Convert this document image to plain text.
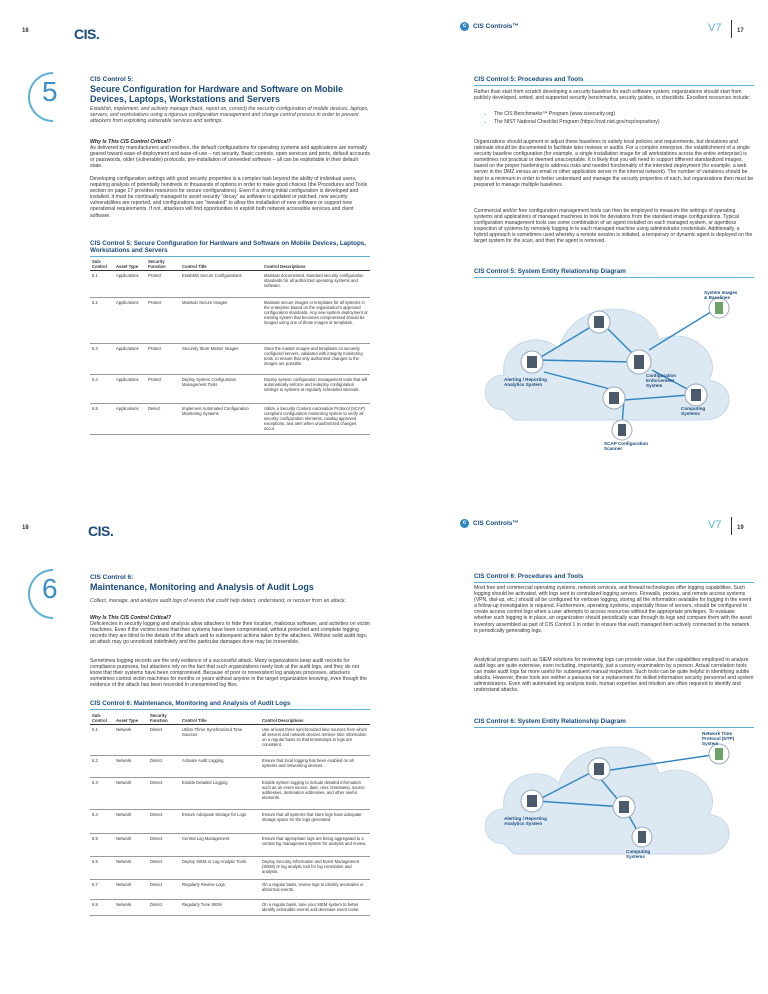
16	CIS.
5	CIS Control 5:
Secure Configuration for Hardware and Software on Mobile Devices, Laptops, Workstations and Servers
Establish, implement, and actively manage (track, report on, correct) the security configuration of mobile devices, laptops, servers, and workstations using a rigorous configuration management and change control process in order to prevent attackers from exploiting vulnerable services and settings.
Why Is This CIS Control Critical?
As delivered by manufacturers and resellers, the default configurations for operating systems and applications are normally geared toward ease-of-deployment and ease-of-use – not security. Basic controls, open services and ports, default accounts or passwords, older (vulnerable) protocols, pre-installation of unneeded software – all can be exploitable in their default state.
Developing configuration settings with good security properties is a complex task beyond the ability of individual users, requiring analysis of potentially hundreds or thousands of options in order to make good choices (the Procedures and Tools section on page 17 provides resources for secure configurations). Even if a strong initial configuration is developed and installed, it must be continually managed to avoid security “decay” as software is updated or patched, new security vulnerabilities are reported, and configurations are “tweaked” to allow the installation of new software or support new operational requirements. If not, attackers will find opportunities to exploit both network accessible services and client software.
CIS Control 5: Secure Configuration for Hardware and Software on Mobile Devices, Laptops, Workstations and Servers
Sub-Control	Asset Type	Security Function	Control Title	Control Descriptions
5.1	Applications	Protect	Establish Secure Configurations	Maintain documented, standard security configuration standards for all authorized operating systems and software.
5.2	Applications	Protect	Maintain Secure Images	Maintain secure images or templates for all systems in the enterprise based on the organization’s approved configuration standards. Any new system deployment or existing system that becomes compromised should be imaged using one of those images or templates.
5.3	Applications	Protect	Securely Store Master Images	Store the master images and templates on securely configured servers, validated with integrity monitoring tools, to ensure that only authorized changes to the images are possible.
5.4	Applications	Protect	Deploy System Configuration Management Tools	Deploy system configuration management tools that will automatically enforce and redeploy configuration settings to systems at regularly scheduled intervals.
5.5	Applications	Detect	Implement Automated Configuration Monitoring Systems	Utilize a Security Content Automation Protocol (SCAP) compliant configuration monitoring system to verify all security configuration elements, catalog approved exceptions, and alert when unauthorized changes occur.
c	CIS Controls™	V7	17
CIS Control 5: Procedures and Tools
Rather than start from scratch developing a security baseline for each software system, organizations should start from publicly developed, vetted, and supported security benchmarks, security guides, or checklists. Excellent resources include:
• The CIS Benchmarks™ Program (www.cisecurity.org)
• The NIST National Checklist Program (https://nvd.nist.gov/ncp/repository)
Organizations should augment or adjust these baselines to satisfy local policies and requirements, but deviations and rationale should be documented to facilitate later reviews or audits. For a complex enterprise, the establishment of a single security baseline configuration (for example, a single installation image for all workstations across the entire enterprise) is sometimes not practical or deemed unacceptable. It is likely that you will need to support different standardized images, based on the proper hardening to address risks and needed functionality of the intended deployment (for example, a web server in the DMZ versus an email or other application server in the internal network). The number of variations should be kept to a minimum in order to better understand and manage the security properties of each, but organizations then must be prepared to manage multiple baselines.
Commercial and/or free configuration management tools can then be employed to measure the settings of operating systems and applications of managed machines to look for deviations from the standard image configurations. Typical configuration management tools use some combination of an agent installed on each managed system, or agentless inspection of systems by remotely logging in to each managed machine using administrator credentials. Additionally, a hybrid approach is sometimes used whereby a remote session is initiated, a temporary or dynamic agent is deployed on the target system for the scan, and then the agent is removed.
CIS Control 5: System Entity Relationship Diagram
System Images
& Baselines
Configuration
Enforcement
System
Alerting / Reporting
Analytics System
Computing
Systems
SCAP Configuration
Scanner
18	CIS.
6	CIS Control 6:
Maintenance, Monitoring and Analysis of Audit Logs
Collect, manage, and analyze audit logs of events that could help detect, understand, or recover from an attack.
Why Is This CIS Control Critical?
Deficiencies in security logging and analysis allow attackers to hide their location, malicious software, and activities on victim machines. Even if the victims know that their systems have been compromised, without protected and complete logging records they are blind to the details of the attack and to subsequent actions taken by the attackers. Without solid audit logs, an attack may go unnoticed indefinitely and the particular damages done may be irreversible.
Sometimes logging records are the only evidence of a successful attack. Many organizations keep audit records for compliance purposes, but attackers rely on the fact that such organizations rarely look at the audit logs, and they do not know that their systems have been compromised. Because of poor or nonexistent log analysis processes, attackers sometimes control victim machines for months or years without anyone in the target organization knowing, even though the evidence of the attack has been recorded in unexamined log files.
CIS Control 6: Maintenance, Monitoring and Analysis of Audit Logs
Sub-Control	Asset Type	Security Function	Control Title	Control Descriptions
6.1	Network	Detect	Utilize Three Synchronized Time Sources	Use at least three synchronized time sources from which all servers and network devices retrieve time information on a regular basis so that timestamps in logs are consistent.
6.2	Network	Detect	Activate Audit Logging	Ensure that local logging has been enabled on all systems and networking devices.
6.3	Network	Detect	Enable Detailed Logging	Enable system logging to include detailed information such as an event source, date, user, timestamp, source addresses, destination addresses, and other useful elements.
6.4	Network	Detect	Ensure Adequate Storage for Logs	Ensure that all systems that store logs have adequate storage space for the logs generated.
6.5	Network	Detect	Central Log Management	Ensure that appropriate logs are being aggregated to a central log management system for analysis and review.
6.6	Network	Detect	Deploy SIEM or Log Analytic Tools	Deploy Security Information and Event Management (SIEM) or log analytic tool for log correlation and analysis.
6.7	Network	Detect	Regularly Review Logs	On a regular basis, review logs to identify anomalies or abnormal events.
6.8	Network	Detect	Regularly Tune SIEM	On a regular basis, tune your SIEM system to better identify actionable events and decrease event noise.
c	CIS Controls™	V7	19
CIS Control 6: Procedures and Tools
Most free and commercial operating systems, network services, and firewall technologies offer logging capabilities. Such logging should be activated, with logs sent to centralized logging servers. Firewalls, proxies, and remote access systems (VPN, dial-up, etc.) should all be configured for verbose logging, storing all the information available for logging in the event a follow-up investigation is required. Furthermore, operating systems, especially those of servers, should be configured to create access control logs when a user attempts to access resources without the appropriate privileges. To evaluate whether such logging is in place, an organization should periodically scan through its logs and compare them with the asset inventory assembled as part of CIS Control 1 in order to ensure that each managed item actively connected to the network is periodically generating logs.
Analytical programs such as SIEM solutions for reviewing logs can provide value, but the capabilities employed to analyze audit logs are quite extensive, even including, importantly, just a cursory examination by a person. Actual correlation tools can make audit logs far more useful for subsequent manual inspection. Such tools can be quite helpful in identifying subtle attacks. However, these tools are neither a panacea nor a replacement for skilled information security personnel and system administrators. Even with automated log analysis tools, human expertise and intuition are often required to identify and understand attacks.
CIS Control 6: System Entity Relationship Diagram
Network Time
Protocol (NTP)
System
Alerting / Reporting
Analytics System
Computing
Systems
